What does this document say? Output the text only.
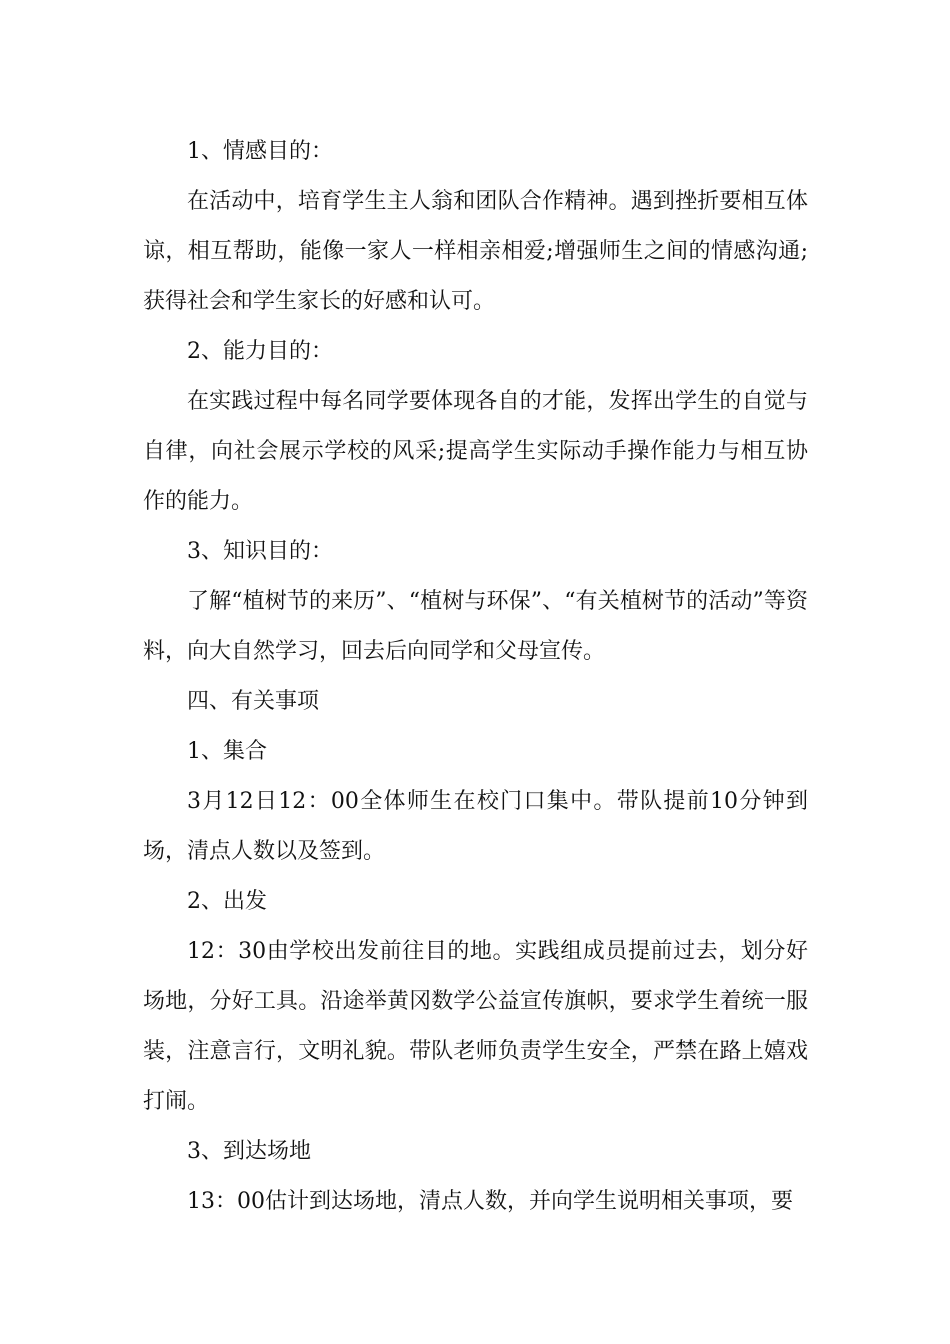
1、情感目的：

在活动中，培育学生主人翁和团队合作精神。遇到挫折要相互体谅，相互帮助，能像一家人一样相亲相爱;增强师生之间的情感沟通;获得社会和学生家长的好感和认可。

2、能力目的：

在实践过程中每名同学要体现各自的才能，发挥出学生的自觉与自律，向社会展示学校的风采;提高学生实际动手操作能力与相互协作的能力。

3、知识目的：

了解“植树节的来历”、“植树与环保”、“有关植树节的活动”等资料，向大自然学习，回去后向同学和父母宣传。

四、有关事项

1、集合

3月12日12：00全体师生在校门口集中。带队提前10分钟到场，清点人数以及签到。

2、出发

12：30由学校出发前往目的地。实践组成员提前过去，划分好场地，分好工具。沿途举黄冈数学公益宣传旗帜，要求学生着统一服装，注意言行，文明礼貌。带队老师负责学生安全，严禁在路上嬉戏打闹。

3、到达场地

13：00估计到达场地，清点人数，并向学生说明相关事项，要
